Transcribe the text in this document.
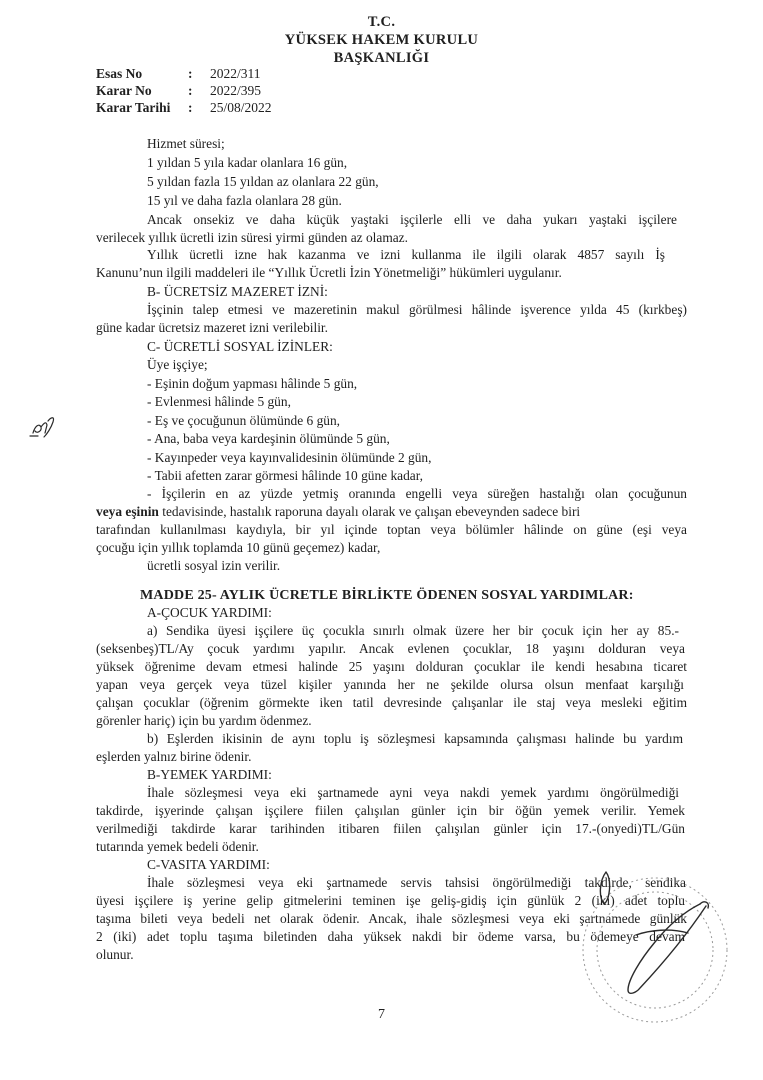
T.C.
YÜKSEK HAKEM KURULU
BAŞKANLIĞI
Esas No	: 2022/311
Karar No	: 2022/395
Karar Tarihi : 25/08/2022
Hizmet süresi;
1 yıldan 5 yıla kadar olanlara 16 gün,
5 yıldan fazla 15 yıldan az olanlara 22 gün,
15 yıl ve daha fazla olanlara 28 gün.
Ancak onsekiz ve daha küçük yaştaki işçilerle elli ve daha yukarı yaştaki işçilere
verilecek yıllık ücretli izin süresi yirmi günden az olamaz.
Yıllık ücretli izne hak kazanma ve izni kullanma ile ilgili olarak 4857 sayılı İş
Kanunu’nun ilgili maddeleri ile “Yıllık Ücretli İzin Yönetmeliği” hükümleri uygulanır.
B- ÜCRETSİZ MAZERET İZNİ:
İşçinin talep etmesi ve mazeretinin makul görülmesi hâlinde işverence yılda 45 (kırkbeş)
güne kadar ücretsiz mazeret izni verilebilir.
C- ÜCRETLİ SOSYAL İZİNLER:
Üye işçiye;
- Eşinin doğum yapması hâlinde 5 gün,
- Evlenmesi hâlinde 5 gün,
- Eş ve çocuğunun ölümünde 6 gün,
- Ana, baba veya kardeşinin ölümünde 5 gün,
- Kayınpeder veya kayınvalidesinin ölümünde 2 gün,
- Tabii afetten zarar görmesi hâlinde 10 güne kadar,
- İşçilerin en az yüzde yetmiş oranında engelli veya süreğen hastalığı olan çocuğunun
veya eşinin tedavisinde, hastalık raporuna dayalı olarak ve çalışan ebeveynden sadece biri
tarafından kullanılması kaydıyla, bir yıl içinde toptan veya bölümler hâlinde on güne (eşi veya
çocuğu için yıllık toplamda 10 günü geçemez) kadar,
ücretli sosyal izin verilir.
MADDE 25- AYLIK ÜCRETLE BİRLİKTE ÖDENEN SOSYAL YARDIMLAR:
A-ÇOCUK YARDIMI:
a) Sendika üyesi işçilere üç çocukla sınırlı olmak üzere her bir çocuk için her ay 85.-
(seksenbeş)TL/Ay çocuk yardımı yapılır. Ancak evlenen çocuklar, 18 yaşını dolduran veya
yüksek öğrenime devam etmesi halinde 25 yaşını dolduran çocuklar ile kendi hesabına ticaret
yapan veya gerçek veya tüzel kişiler yanında her ne şekilde olursa olsun menfaat karşılığı
çalışan çocuklar (öğrenim görmekte iken tatil devresinde çalışanlar ile staj veya mesleki eğitim
görenler hariç) için bu yardım ödenmez.
b) Eşlerden ikisinin de aynı toplu iş sözleşmesi kapsamında çalışması halinde bu yardım
eşlerden yalnız birine ödenir.
B-YEMEK YARDIMI:
İhale sözleşmesi veya eki şartnamede ayni veya nakdi yemek yardımı öngörülmediği
takdirde, işyerinde çalışan işçilere fiilen çalışılan günler için bir öğün yemek verilir. Yemek
verilmediği takdirde karar tarihinden itibaren fiilen çalışılan günler için 17.-(onyedi)TL/Gün
tutarında yemek bedeli ödenir.
C-VASITA YARDIMI:
İhale sözleşmesi veya eki şartnamede servis tahsisi öngörülmediği takdirde, sendika
üyesi işçilere iş yerine gelip gitmelerini teminen işe geliş-gidiş için günlük 2 (iki) adet toplu
taşıma bileti veya bedeli net olarak ödenir. Ancak, ihale sözleşmesi veya eki şartnamede günlük
2 (iki) adet toplu taşıma biletinden daha yüksek nakdi bir ödeme varsa, bu ödemeye devam
olunur.
7
